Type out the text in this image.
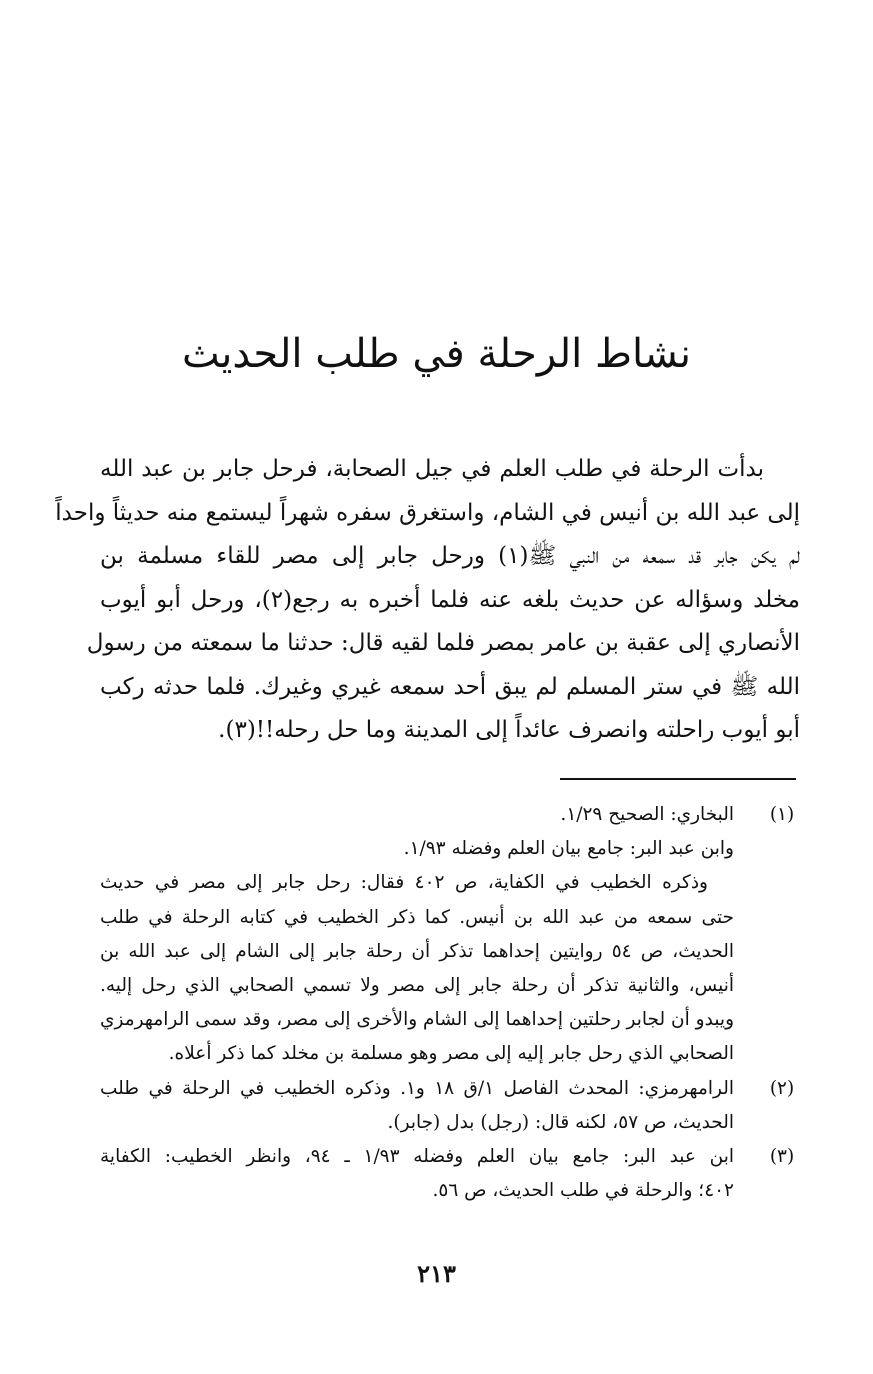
نشاط الرحلة في طلب الحديث
بدأت الرحلة في طلب العلم في جيل الصحابة، فرحل جابر بن عبد الله
إلى عبد الله بن أنيس في الشام، واستغرق سفره شهراً ليستمع منه حديثاً واحداً
لم يكن جابر قد سمعه من النبي ﷺ(١) ورحل جابر إلى مصر للقاء مسلمة بن
مخلد وسؤاله عن حديث بلغه عنه فلما أخبره به رجع(٢)، ورحل أبو أيوب
الأنصاري إلى عقبة بن عامر بمصر فلما لقيه قال: حدثنا ما سمعته من رسول
الله ﷺ في ستر المسلم لم يبق أحد سمعه غيري وغيرك. فلما حدثه ركب
أبو أيوب راحلته وانصرف عائداً إلى المدينة وما حل رحله!!(٣).
(١)
البخاري: الصحيح ١/٢٩.
وابن عبد البر: جامع بيان العلم وفضله ١/٩٣.
وذكره الخطيب في الكفاية، ص ٤٠٢ فقال: رحل جابر إلى مصر في حديث
حتى سمعه من عبد الله بن أنيس. كما ذكر الخطيب في كتابه الرحلة في طلب
الحديث، ص ٥٤ روايتين إحداهما تذكر أن رحلة جابر إلى الشام إلى عبد الله بن
أنيس، والثانية تذكر أن رحلة جابر إلى مصر ولا تسمي الصحابي الذي رحل إليه.
ويبدو أن لجابر رحلتين إحداهما إلى الشام والأخرى إلى مصر، وقد سمى الرامهرمزي
الصحابي الذي رحل جابر إليه إلى مصر وهو مسلمة بن مخلد كما ذكر أعلاه.
(٢)
الرامهرمزي: المحدث الفاصل ١/ق ١٨ و١. وذكره الخطيب في الرحلة في طلب
الحديث، ص ٥٧، لكنه قال: (رجل) بدل (جابر).
(٣)
ابن عبد البر: جامع بيان العلم وفضله ١/٩٣ ـ ٩٤، وانظر الخطيب: الكفاية
٤٠٢؛ والرحلة في طلب الحديث، ص ٥٦.
٢١٣
